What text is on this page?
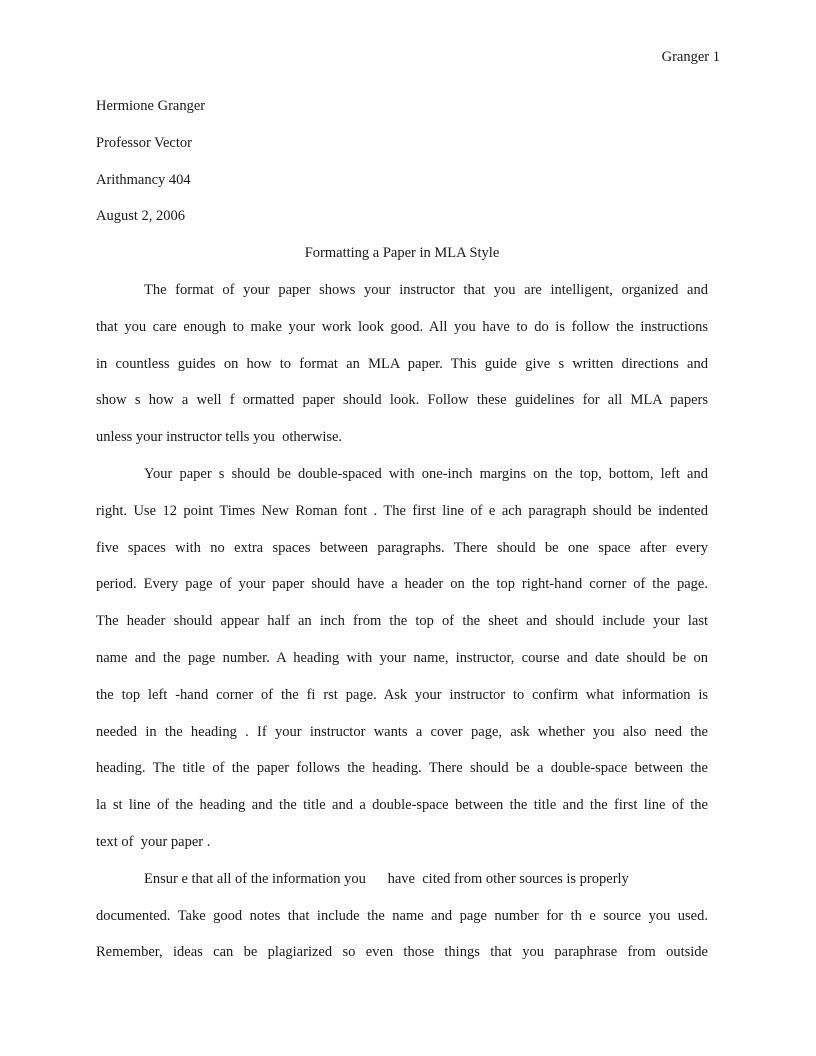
Granger 1
Hermione Granger
Professor Vector
Arithmancy 404
August 2, 2006
Formatting a Paper in MLA Style
The format of your paper shows your instructor that you are intelligent, organized and
that you care enough to make your work look good. All you have to do is follow the instructions
in countless guides on how to format an MLA paper. This guide give s written directions and
show s how a well f ormatted paper should look. Follow these guidelines for all MLA papers
unless your instructor tells you  otherwise.
Your paper s should be double-spaced with one-inch margins on the top, bottom, left and
right. Use 12 point Times New Roman font . The first line of e ach paragraph should be indented
five spaces with no extra spaces between paragraphs. There should be one space after every
period. Every page of your paper should have a header on the top right-hand corner of the page.
The header should appear half an inch from the top of the sheet and should include your last
name and the page number. A heading with your name, instructor, course and date should be on
the top left -hand corner of the fi rst page. Ask your instructor to confirm what information is
needed in the heading . If your instructor wants a cover page, ask whether you also need the
heading. The title of the paper follows the heading. There should be a double-space between the
la st line of the heading and the title and a double-space between the title and the first line of the
text of  your paper .
Ensur e that all of the information you      have  cited from other sources is properly
documented. Take good notes that include the name and page number for th e source you used.
Remember, ideas can be plagiarized so even those things that you paraphrase from outside
